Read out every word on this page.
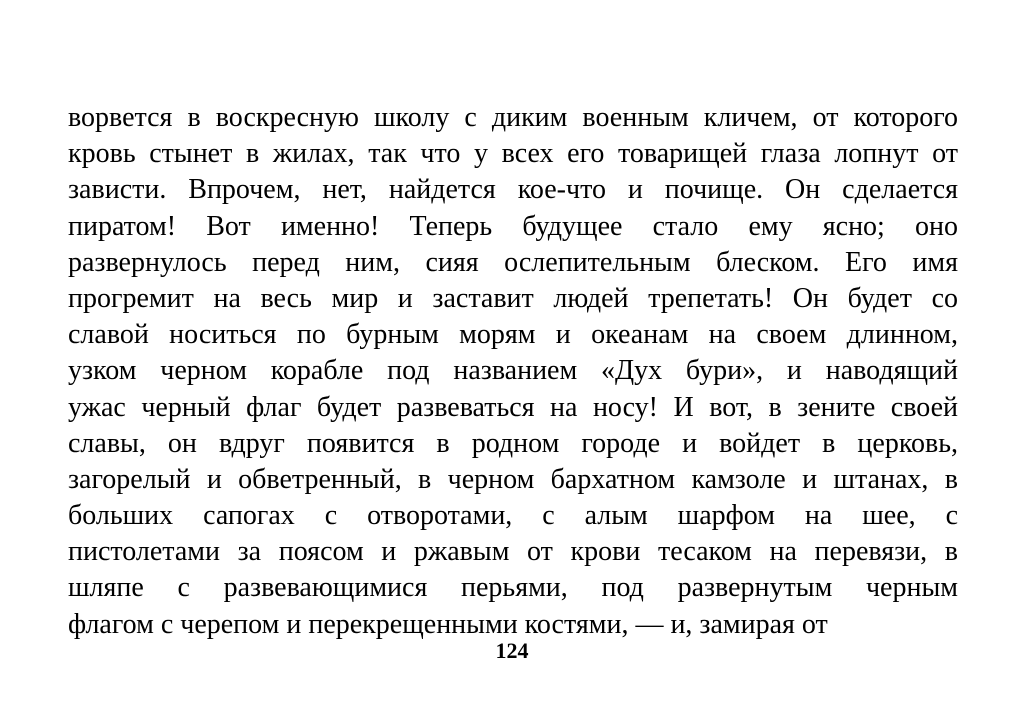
ворвется в воскресную школу с диким военным кличем, от которого
кровь стынет в жилах, так что у всех его товарищей глаза лопнут от
зависти. Впрочем, нет, найдется кое-что и почище. Он сделается
пиратом! Вот именно! Теперь будущее стало ему ясно; оно
развернулось перед ним, сияя ослепительным блеском. Его имя
прогремит на весь мир и заставит людей трепетать! Он будет со
славой носиться по бурным морям и океанам на своем длинном,
узком черном корабле под названием «Дух бури», и наводящий
ужас черный флаг будет развеваться на носу! И вот, в зените своей
славы, он вдруг появится в родном городе и войдет в церковь,
загорелый и обветренный, в черном бархатном камзоле и штанах, в
больших сапогах с отворотами, с алым шарфом на шее, с
пистолетами за поясом и ржавым от крови тесаком на перевязи, в
шляпе с развевающимися перьями, под развернутым черным
флагом с черепом и перекрещенными костями, — и, замирая от
124
